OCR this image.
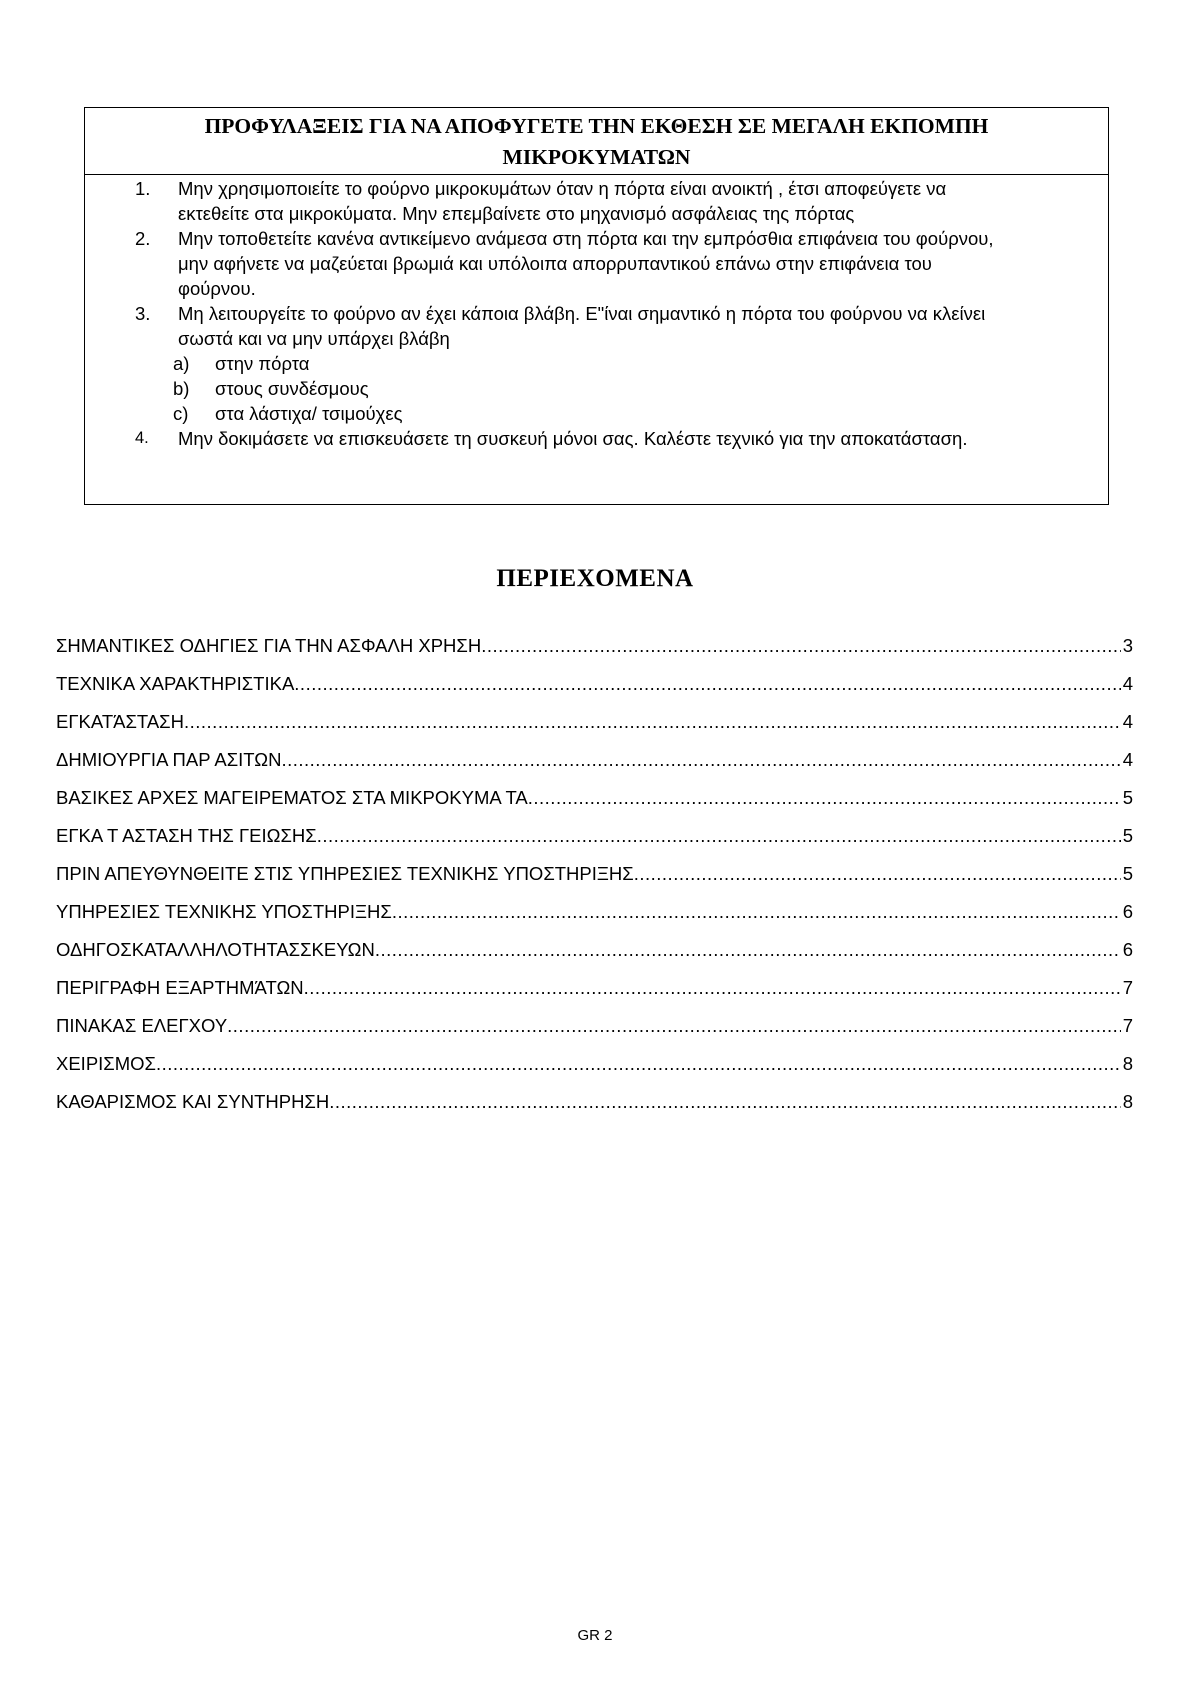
ΠΡΟΦΥΛΑΞΕΙΣ ΓΙΑ ΝΑ ΑΠΟΦΥΓΕΤΕ ΤΗΝ ΕΚΘΕΣΗ ΣΕ ΜΕΓΑΛΗ ΕΚΠΟΜΠΗ
ΜΙΚΡΟΚΥΜΑΤΩΝ
1. Μην χρησιμοποιείτε το φούρνο μικροκυμάτων όταν η πόρτα είναι ανοικτή , έτσι αποφεύγετε να εκτεθείτε στα μικροκύματα. Μην επεμβαίνετε στο μηχανισμό ασφάλειας της πόρτας
2. Μην τοποθετείτε κανένα αντικείμενο ανάμεσα στη πόρτα και την εμπρόσθια επιφάνεια του φούρνου, μην αφήνετε να μαζεύεται βρωμιά και υπόλοιπα απορρυπαντικού επάνω στην επιφάνεια του φούρνου.
3. Μη λειτουργείτε το φούρνο αν έχει κάποια βλάβη. Ε"ίναι σημαντικό η πόρτα του φούρνου να κλείνει σωστά και να μην υπάρχει βλάβη
a) στην πόρτα
b) στους συνδέσμους
c) στα λάστιχα/ τσιμούχες
4. Μην δοκιμάσετε να επισκευάσετε τη συσκευή μόνοι σας. Καλέστε τεχνικό για την αποκατάσταση.
ΠΕΡΙΕΧΟΜΕΝΑ
ΣΗΜΑΝΤΙΚΕΣ ΟΔΗΓΙΕΣ ΓΙΑ ΤΗΝ ΑΣΦΑΛΗ ΧΡΗΣΗ .....	3
ΤΕΧΝΙΚΑ ΧΑΡΑΚΤΗΡΙΣΤΙΚΑ .....	4
ΕΓΚΑΤΆΣΤΑΣΗ .....	4
ΔΗΜΙΟΥΡΓΙΑ ΠΑΡ ΑΣΙΤΩΝ .....	4
ΒΑΣΙΚΕΣ ΑΡΧΕΣ ΜΑΓΕΙΡΕΜΑΤΟΣ ΣΤΑ ΜΙΚΡΟΚΥΜΑ ΤΑ .....	5
ΕΓΚΑ Τ ΑΣΤΑΣΗ ΤΗΣ ΓΕΙΩΣΗΣ .....	5
ΠΡΙΝ ΑΠΕΥΘΥΝΘΕΙΤΕ ΣΤΙΣ ΥΠΗΡΕΣΙΕΣ ΤΕΧΝΙΚΗΣ ΥΠΟΣΤΗΡΙΞΗΣ .....	5
ΥΠΗΡΕΣΙΕΣ ΤΕΧΝΙΚΗΣ ΥΠΟΣΤΗΡΙΞΗΣ .....	6
ΟΔΗΓΟΣΚΑΤΑΛΛΗΛΟΤΗΤΑΣΣΚΕΥΩΝ .....	6
ΠΕΡΙΓΡΑΦΗ ΕΞΑΡΤΗΜΆΤΩΝ .....	7
ΠΙΝΑΚΑΣ ΕΛΕΓΧΟΥ .....	7
ΧΕΙΡΙΣΜΟΣ .....	8
ΚΑΘΑΡΙΣΜΟΣ ΚΑΙ ΣΥΝΤΗΡΗΣΗ .....	8
GR 2
